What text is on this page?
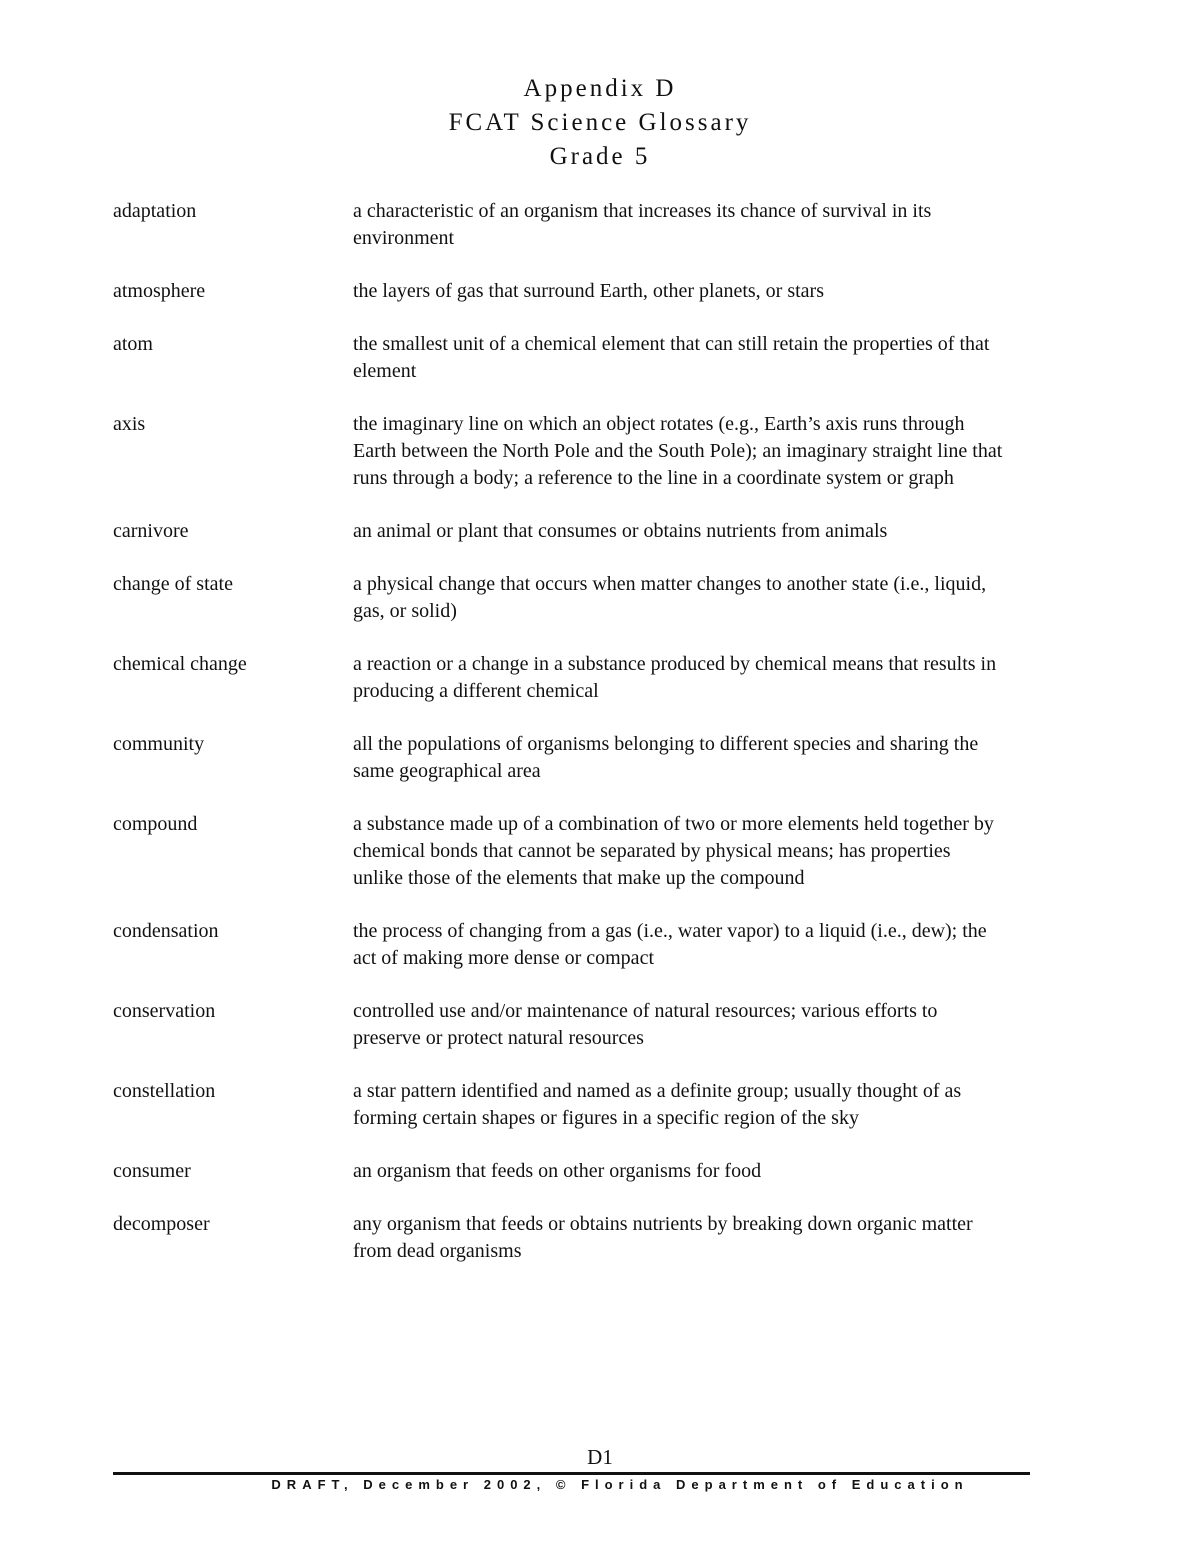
Appendix D
FCAT Science Glossary
Grade 5
adaptation	a characteristic of an organism that increases its chance of survival in its environment
atmosphere	the layers of gas that surround Earth, other planets, or stars
atom	the smallest unit of a chemical element that can still retain the properties of that element
axis	the imaginary line on which an object rotates (e.g., Earth’s axis runs through Earth between the North Pole and the South Pole); an imaginary straight line that runs through a body; a reference to the line in a coordinate system or graph
carnivore	an animal or plant that consumes or obtains nutrients from animals
change of state	a physical change that occurs when matter changes to another state (i.e., liquid, gas, or solid)
chemical change	a reaction or a change in a substance produced by chemical means that results in producing a different chemical
community	all the populations of organisms belonging to different species and sharing the same geographical area
compound	a substance made up of a combination of two or more elements held together by chemical bonds that cannot be separated by physical means; has properties unlike those of the elements that make up the compound
condensation	the process of changing from a gas (i.e., water vapor) to a liquid (i.e., dew); the act of making more dense or compact
conservation	controlled use and/or maintenance of natural resources; various efforts to preserve or protect natural resources
constellation	a star pattern identified and named as a definite group; usually thought of as forming certain shapes or figures in a specific region of the sky
consumer	an organism that feeds on other organisms for food
decomposer	any organism that feeds or obtains nutrients by breaking down organic matter from dead organisms
D1
DRAFT, December 2002, © Florida Department of Education
